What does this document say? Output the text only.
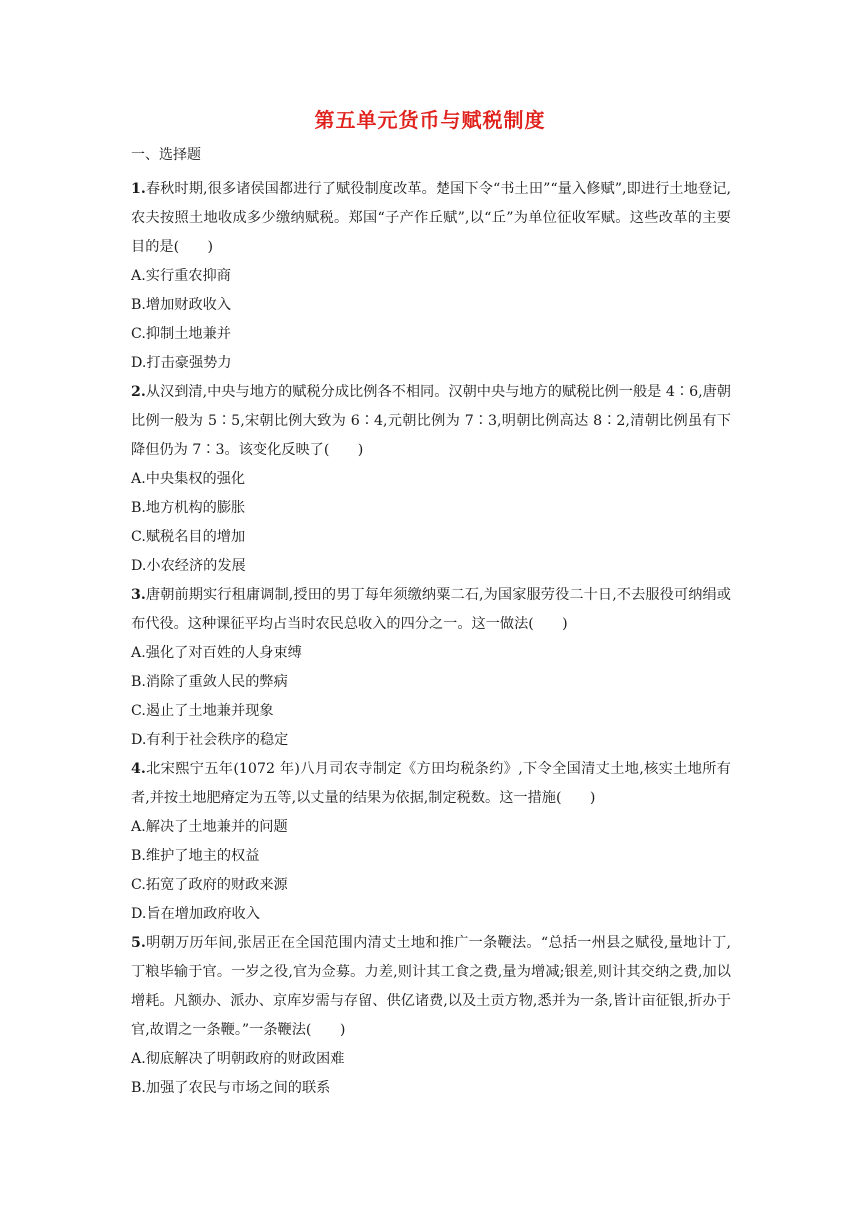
第五单元货币与赋税制度
一、选择题

1.春秋时期,很多诸侯国都进行了赋役制度改革。楚国下令“书土田”“量入修赋”,即进行土地登记,农夫按照土地收成多少缴纳赋税。郑国“子产作丘赋”,以“丘”为单位征收军赋。这些改革的主要目的是(　　)

A.实行重农抑商

B.增加财政收入

C.抑制土地兼并

D.打击豪强势力

2.从汉到清,中央与地方的赋税分成比例各不相同。汉朝中央与地方的赋税比例一般是 4∶6,唐朝比例一般为 5∶5,宋朝比例大致为 6∶4,元朝比例为 7∶3,明朝比例高达 8∶2,清朝比例虽有下降但仍为 7∶3。该变化反映了(　　)

A.中央集权的强化

B.地方机构的膨胀

C.赋税名目的增加

D.小农经济的发展

3.唐朝前期实行租庸调制,授田的男丁每年须缴纳粟二石,为国家服劳役二十日,不去服役可纳绢或布代役。这种课征平均占当时农民总收入的四分之一。这一做法(　　)

A.强化了对百姓的人身束缚

B.消除了重敛人民的弊病

C.遏止了土地兼并现象

D.有利于社会秩序的稳定

4.北宋熙宁五年(1072 年)八月司农寺制定《方田均税条约》,下令全国清丈土地,核实土地所有者,并按土地肥瘠定为五等,以丈量的结果为依据,制定税数。这一措施(　　)

A.解决了土地兼并的问题

B.维护了地主的权益

C.拓宽了政府的财政来源

D.旨在增加政府收入

5.明朝万历年间,张居正在全国范围内清丈土地和推广一条鞭法。“总括一州县之赋役,量地计丁,丁粮毕输于官。一岁之役,官为佥募。力差,则计其工食之费,量为增减;银差,则计其交纳之费,加以增耗。凡额办、派办、京库岁需与存留、供亿诸费,以及土贡方物,悉并为一条,皆计亩征银,折办于官,故谓之一条鞭。”一条鞭法(　　)

A.彻底解决了明朝政府的财政困难

B.加强了农民与市场之间的联系
